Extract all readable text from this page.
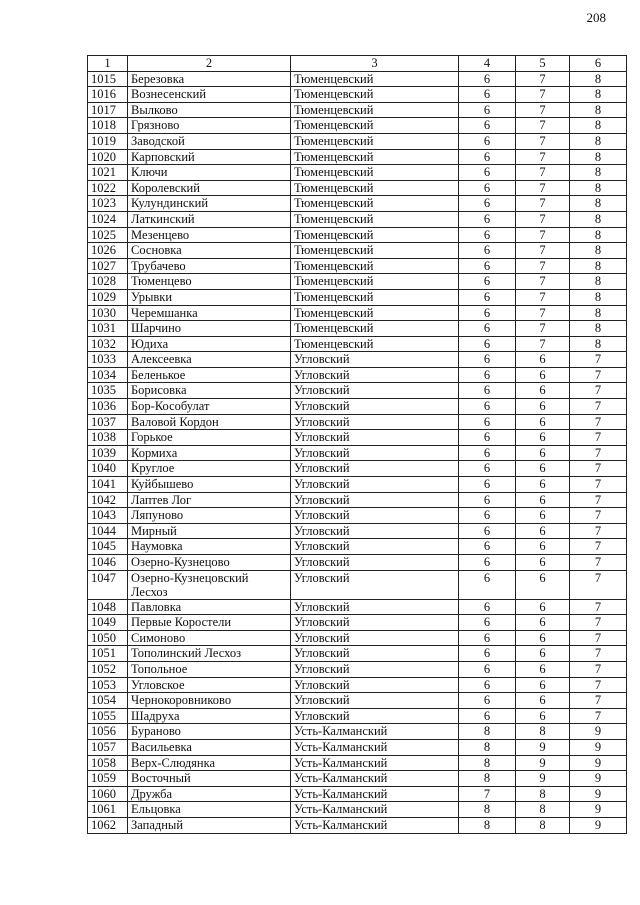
208
1	2	3	4	5	6
1015	Березовка	Тюменцевский	6	7	8
1016	Вознесенский	Тюменцевский	6	7	8
1017	Вылково	Тюменцевский	6	7	8
1018	Грязново	Тюменцевский	6	7	8
1019	Заводской	Тюменцевский	6	7	8
1020	Карповский	Тюменцевский	6	7	8
1021	Ключи	Тюменцевский	6	7	8
1022	Королевский	Тюменцевский	6	7	8
1023	Кулундинский	Тюменцевский	6	7	8
1024	Латкинский	Тюменцевский	6	7	8
1025	Мезенцево	Тюменцевский	6	7	8
1026	Сосновка	Тюменцевский	6	7	8
1027	Трубачево	Тюменцевский	6	7	8
1028	Тюменцево	Тюменцевский	6	7	8
1029	Урывки	Тюменцевский	6	7	8
1030	Черемшанка	Тюменцевский	6	7	8
1031	Шарчино	Тюменцевский	6	7	8
1032	Юдиха	Тюменцевский	6	7	8
1033	Алексеевка	Угловский	6	6	7
1034	Беленькое	Угловский	6	6	7
1035	Борисовка	Угловский	6	6	7
1036	Бор-Кособулат	Угловский	6	6	7
1037	Валовой Кордон	Угловский	6	6	7
1038	Горькое	Угловский	6	6	7
1039	Кормиха	Угловский	6	6	7
1040	Круглое	Угловский	6	6	7
1041	Куйбышево	Угловский	6	6	7
1042	Лаптев Лог	Угловский	6	6	7
1043	Ляпуново	Угловский	6	6	7
1044	Мирный	Угловский	6	6	7
1045	Наумовка	Угловский	6	6	7
1046	Озерно-Кузнецово	Угловский	6	6	7
1047	Озерно-Кузнецовский Лесхоз	Угловский	6	6	7
1048	Павловка	Угловский	6	6	7
1049	Первые Коростели	Угловский	6	6	7
1050	Симоново	Угловский	6	6	7
1051	Тополинский Лесхоз	Угловский	6	6	7
1052	Топольное	Угловский	6	6	7
1053	Угловское	Угловский	6	6	7
1054	Чернокоровниково	Угловский	6	6	7
1055	Шадруха	Угловский	6	6	7
1056	Бураново	Усть-Калманский	8	8	9
1057	Васильевка	Усть-Калманский	8	9	9
1058	Верх-Слюдянка	Усть-Калманский	8	9	9
1059	Восточный	Усть-Калманский	8	9	9
1060	Дружба	Усть-Калманский	7	8	9
1061	Ельцовка	Усть-Калманский	8	8	9
1062	Западный	Усть-Калманский	8	8	9
